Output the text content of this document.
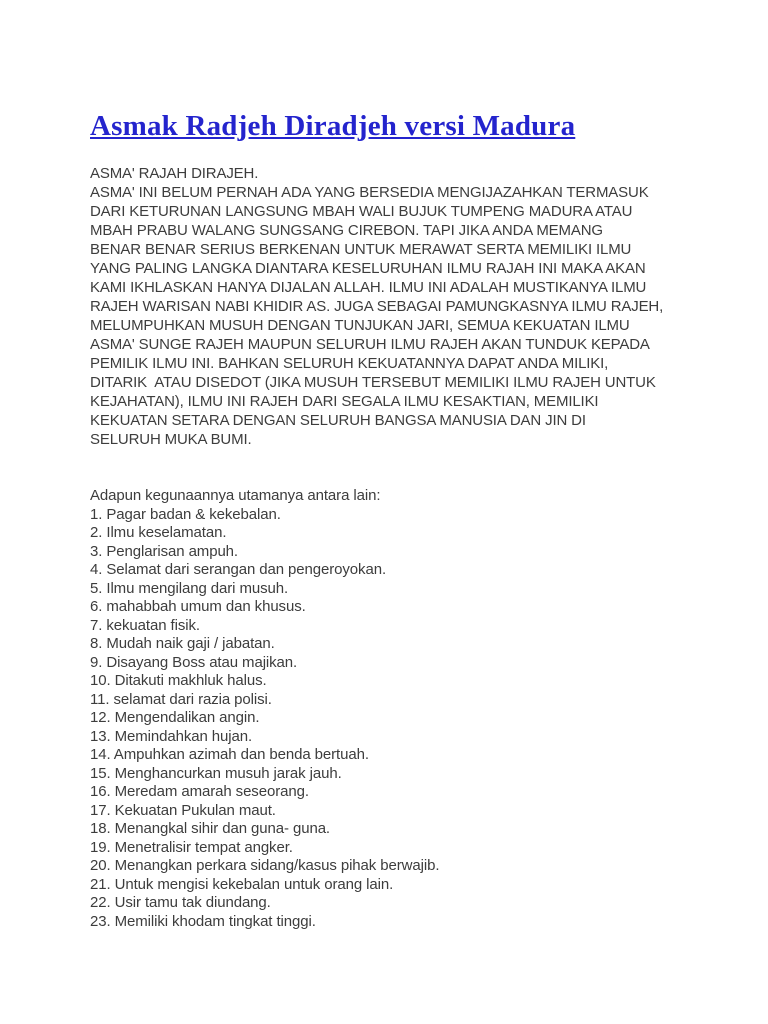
Asmak Radjeh Diradjeh versi Madura
ASMA' RAJAH DIRAJEH.
ASMA' INI BELUM PERNAH ADA YANG BERSEDIA MENGIJAZAHKAN TERMASUK
DARI KETURUNAN LANGSUNG MBAH WALI BUJUK TUMPENG MADURA ATAU
MBAH PRABU WALANG SUNGSANG CIREBON. TAPI JIKA ANDA MEMANG
BENAR BENAR SERIUS BERKENAN UNTUK MERAWAT SERTA MEMILIKI ILMU
YANG PALING LANGKA DIANTARA KESELURUHAN ILMU RAJAH INI MAKA AKAN
KAMI IKHLASKAN HANYA DIJALAN ALLAH. ILMU INI ADALAH MUSTIKANYA ILMU
RAJEH WARISAN NABI KHIDIR AS. JUGA SEBAGAI PAMUNGKASNYA ILMU RAJEH,
MELUMPUHKAN MUSUH DENGAN TUNJUKAN JARI, SEMUA KEKUATAN ILMU
ASMA' SUNGE RAJEH MAUPUN SELURUH ILMU RAJEH AKAN TUNDUK KEPADA
PEMILIK ILMU INI. BAHKAN SELURUH KEKUATANNYA DAPAT ANDA MILIKI,
DITARIK  ATAU DISEDOT (JIKA MUSUH TERSEBUT MEMILIKI ILMU RAJEH UNTUK
KEJAHATAN), ILMU INI RAJEH DARI SEGALA ILMU KESAKTIAN, MEMILIKI
KEKUATAN SETARA DENGAN SELURUH BANGSA MANUSIA DAN JIN DI
SELURUH MUKA BUMI.
Adapun kegunaannya utamanya antara lain:
1. Pagar badan & kekebalan.
2. Ilmu keselamatan.
3. Penglarisan ampuh.
4. Selamat dari serangan dan pengeroyokan.
5. Ilmu mengilang dari musuh.
6. mahabbah umum dan khusus.
7. kekuatan fisik.
8. Mudah naik gaji / jabatan.
9. Disayang Boss atau majikan.
10. Ditakuti makhluk halus.
11. selamat dari razia polisi.
12. Mengendalikan angin.
13. Memindahkan hujan.
14. Ampuhkan azimah dan benda bertuah.
15. Menghancurkan musuh jarak jauh.
16. Meredam amarah seseorang.
17. Kekuatan Pukulan maut.
18. Menangkal sihir dan guna- guna.
19. Menetralisir tempat angker.
20. Menangkan perkara sidang/kasus pihak berwajib.
21. Untuk mengisi kekebalan untuk orang lain.
22. Usir tamu tak diundang.
23. Memiliki khodam tingkat tinggi.
